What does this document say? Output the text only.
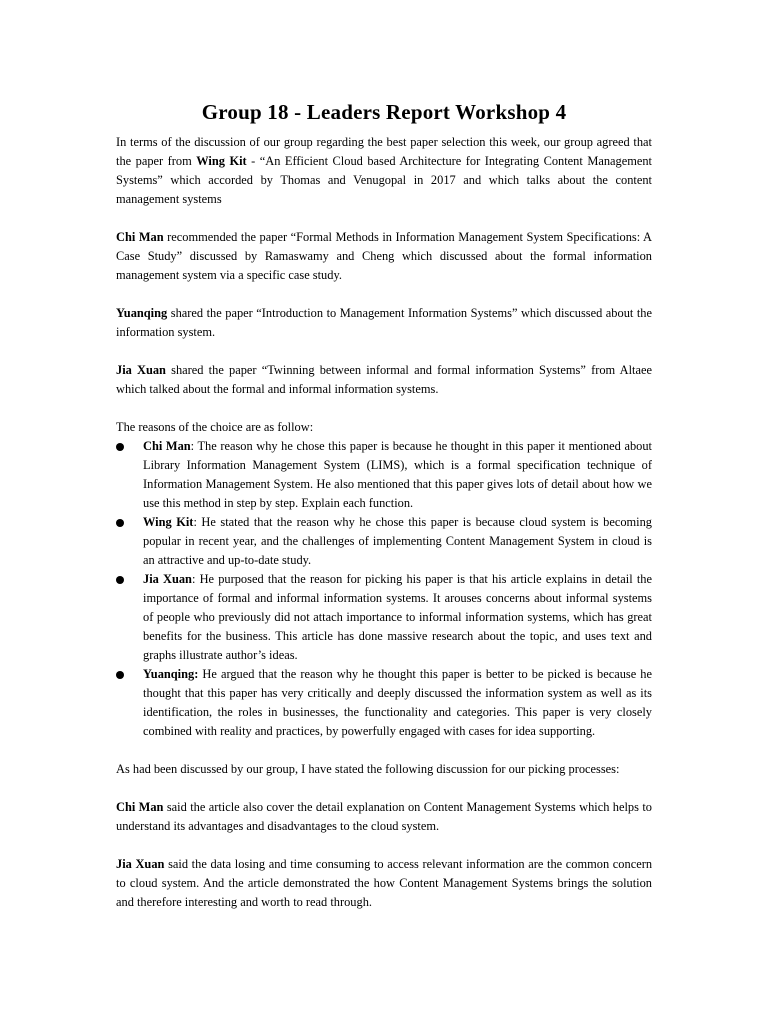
Group 18 - Leaders Report Workshop 4

In terms of the discussion of our group regarding the best paper selection this week, our group agreed that the paper from Wing Kit - “An Efficient Cloud based Architecture for Integrating Content Management Systems” which accorded by Thomas and Venugopal in 2017 and which talks about the content management systems

Chi Man recommended the paper “Formal Methods in Information Management System Specifications: A Case Study” discussed by Ramaswamy and Cheng which discussed about the formal information management system via a specific case study.

Yuanqing shared the paper “Introduction to Management Information Systems” which discussed about the information system.

Jia Xuan shared the paper “Twinning between informal and formal information Systems” from Altaee which talked about the formal and informal information systems.

The reasons of the choice are as follow:

Chi Man: The reason why he chose this paper is because he thought in this paper it mentioned about Library Information Management System (LIMS), which is a formal specification technique of Information Management System. He also mentioned that this paper gives lots of detail about how we use this method in step by step. Explain each function.
Wing Kit: He stated that the reason why he chose this paper is because cloud system is becoming popular in recent year, and the challenges of implementing Content Management System in cloud is an attractive and up-to-date study.
Jia Xuan: He purposed that the reason for picking his paper is that his article explains in detail the importance of formal and informal information systems. It arouses concerns about informal systems of people who previously did not attach importance to informal information systems, which has great benefits for the business. This article has done massive research about the topic, and uses text and graphs illustrate author’s ideas.
Yuanqing: He argued that the reason why he thought this paper is better to be picked is because he thought that this paper has very critically and deeply discussed the information system as well as its identification, the roles in businesses, the functionality and categories. This paper is very closely combined with reality and practices, by powerfully engaged with cases for idea supporting.

As had been discussed by our group, I have stated the following discussion for our picking processes:

Chi Man said the article also cover the detail explanation on Content Management Systems which helps to understand its advantages and disadvantages to the cloud system.

Jia Xuan said the data losing and time consuming to access relevant information are the common concern to cloud system. And the article demonstrated the how Content Management Systems brings the solution and therefore interesting and worth to read through.
